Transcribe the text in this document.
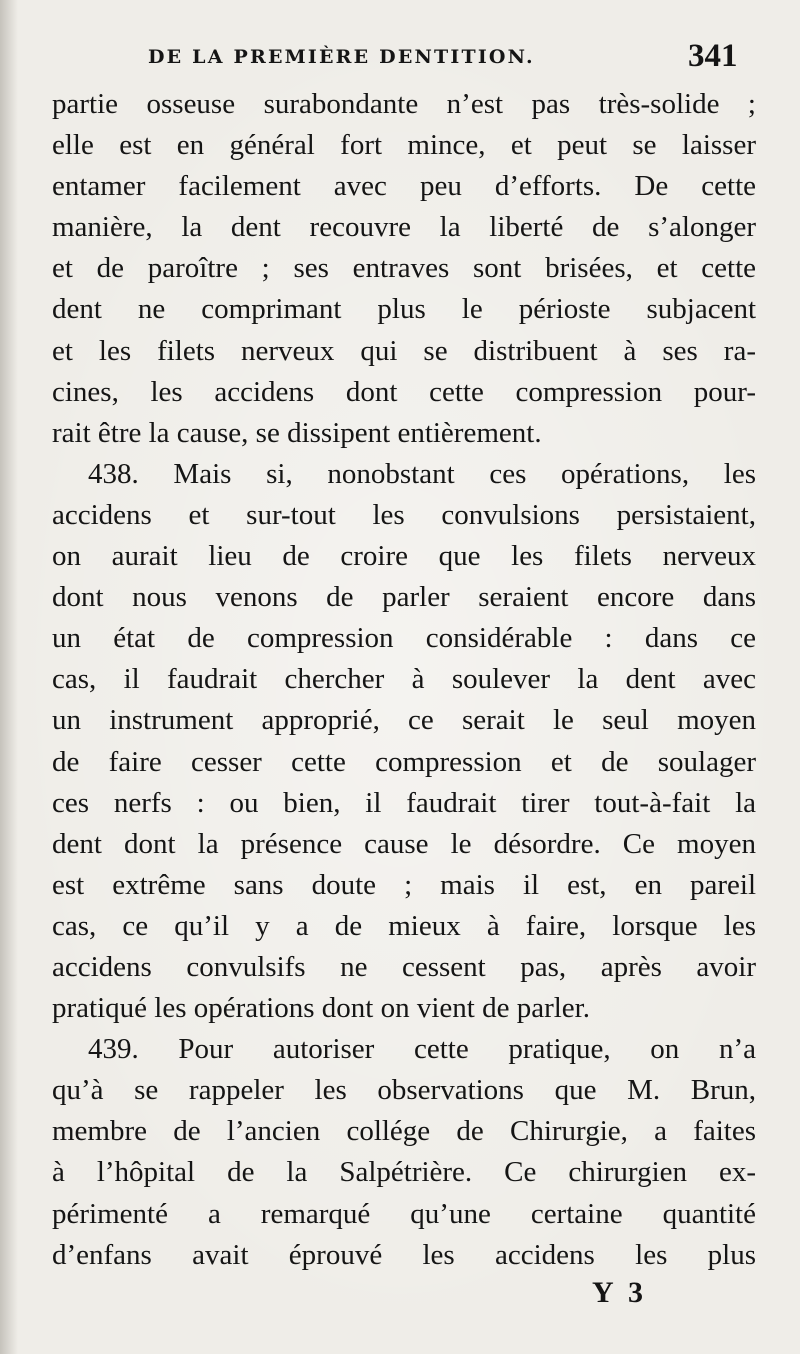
DE LA PREMIÈRE DENTITION.	341
partie osseuse surabondante n’est pas très-solide ;
elle est en général fort mince, et peut se laisser
entamer facilement avec peu d’efforts. De cette
manière, la dent recouvre la liberté de s’alonger
et de paroître ; ses entraves sont brisées, et cette
dent ne comprimant plus le périoste subjacent
et les filets nerveux qui se distribuent à ses ra-
cines, les accidens dont cette compression pour-
rait être la cause, se dissipent entièrement.
438. Mais si, nonobstant ces opérations, les
accidens et sur-tout les convulsions persistaient,
on aurait lieu de croire que les filets nerveux
dont nous venons de parler seraient encore dans
un état de compression considérable : dans ce
cas, il faudrait chercher à soulever la dent avec
un instrument approprié, ce serait le seul moyen
de faire cesser cette compression et de soulager
ces nerfs : ou bien, il faudrait tirer tout-à-fait la
dent dont la présence cause le désordre. Ce moyen
est extrême sans doute ; mais il est, en pareil
cas, ce qu’il y a de mieux à faire, lorsque les
accidens convulsifs ne cessent pas, après avoir
pratiqué les opérations dont on vient de parler.
439. Pour autoriser cette pratique, on n’a
qu’à se rappeler les observations que M. Brun,
membre de l’ancien collége de Chirurgie, a faites
à l’hôpital de la Salpétrière. Ce chirurgien ex-
périmenté a remarqué qu’une certaine quantité
d’enfans avait éprouvé les accidens les plus
Y 3
